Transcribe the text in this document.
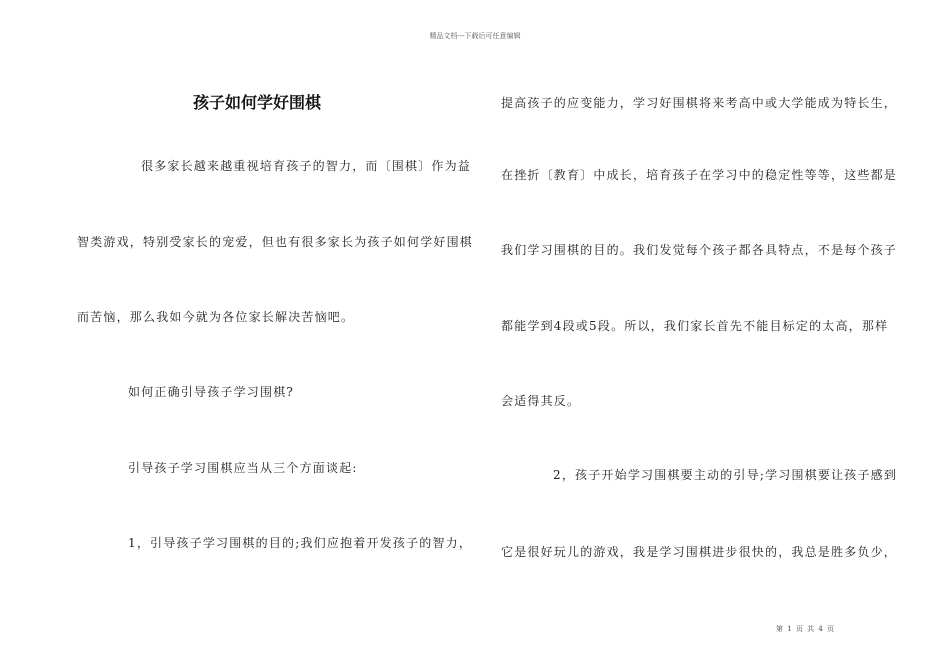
精品文档---下载后可任意编辑
孩子如何学好围棋
很多家长越来越重视培育孩子的智力，而〔围棋〕作为益
智类游戏，特别受家长的宠爱，但也有很多家长为孩子如何学好围棋
而苦恼，那么我如今就为各位家长解决苦恼吧。
如何正确引导孩子学习围棋?
引导孩子学习围棋应当从三个方面谈起:
1，引导孩子学习围棋的目的;我们应抱着开发孩子的智力，
提高孩子的应变能力，学习好围棋将来考高中或大学能成为特长生，
在挫折〔教育〕中成长，培育孩子在学习中的稳定性等等，这些都是
我们学习围棋的目的。我们发觉每个孩子都各具特点，不是每个孩子
都能学到4段或5段。所以，我们家长首先不能目标定的太高，那样
会适得其反。
2，孩子开始学习围棋要主动的引导;学习围棋要让孩子感到
它是很好玩儿的游戏，我是学习围棋进步很快的，我总是胜多负少，
第 1 页 共 4 页
